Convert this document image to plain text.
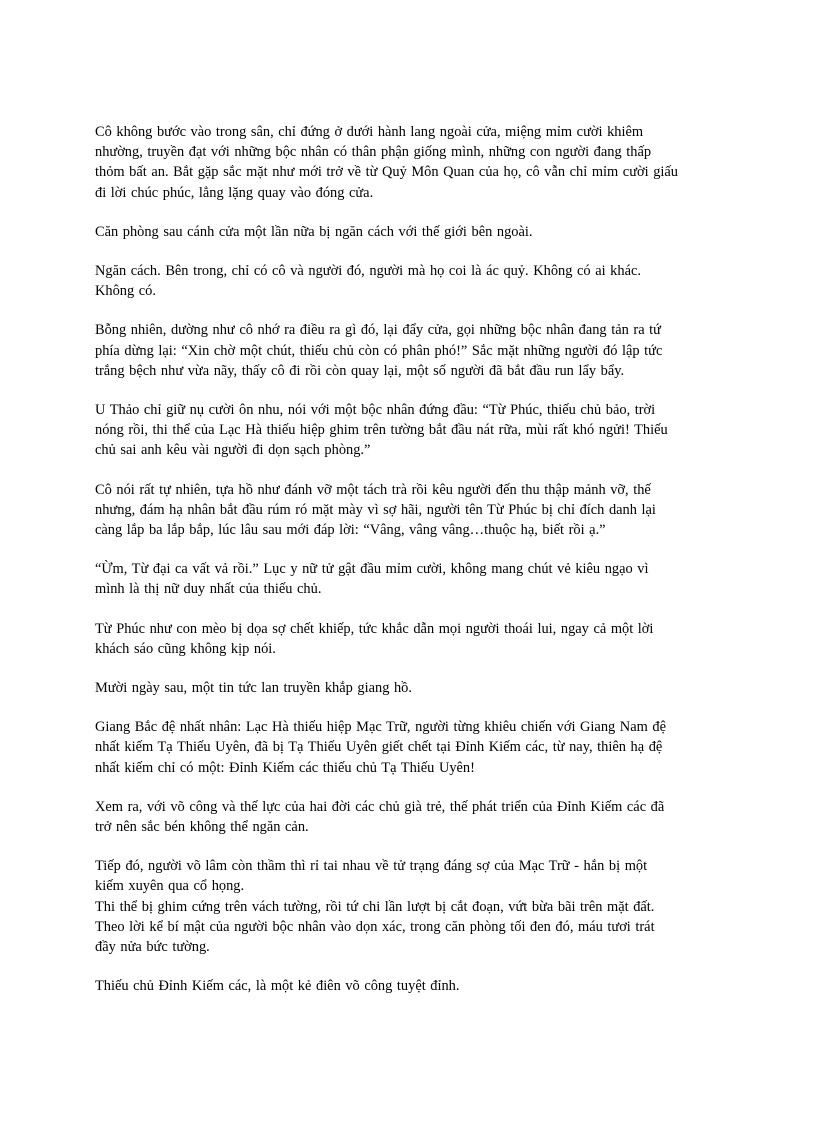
Cô không bước vào trong sân, chỉ đứng ở dưới hành lang ngoài cửa, miệng mỉm cười khiêm
nhường, truyền đạt với những bộc nhân có thân phận giống mình, những con người đang thấp
thỏm bất an. Bắt gặp sắc mặt như mới trở về từ Quỷ Môn Quan của họ, cô vẫn chỉ mỉm cười giấu
đi lời chúc phúc, lẳng lặng quay vào đóng cửa.

Căn phòng sau cánh cửa một lần nữa bị ngăn cách với thế giới bên ngoài.

Ngăn cách. Bên trong, chỉ có cô và người đó, người mà họ coi là ác quỷ. Không có ai khác.
Không có.

Bỗng nhiên, dường như cô nhớ ra điều ra gì đó, lại đẩy cửa, gọi những bộc nhân đang tản ra tứ
phía dừng lại: “Xin chờ một chút, thiếu chủ còn có phân phó!” Sắc mặt những người đó lập tức
trắng bệch như vừa nãy, thấy cô đi rồi còn quay lại, một số người đã bắt đầu run lẩy bẩy.

U Thảo chỉ giữ nụ cười ôn nhu, nói với một bộc nhân đứng đầu: “Từ Phúc, thiếu chủ bảo, trời
nóng rồi, thi thể của Lạc Hà thiếu hiệp ghim trên tường bắt đầu nát rữa, mùi rất khó ngửi! Thiếu
chủ sai anh kêu vài người đi dọn sạch phòng.”

Cô nói rất tự nhiên, tựa hồ như đánh vỡ một tách trà rồi kêu người đến thu thập mảnh vỡ, thế
nhưng, đám hạ nhân bắt đầu rúm ró mặt mày vì sợ hãi, người tên Từ Phúc bị chỉ đích danh lại
càng lắp ba lắp bắp, lúc lâu sau mới đáp lời: “Vâng, vâng vâng…thuộc hạ, biết rồi ạ.”

“Ừm, Từ đại ca vất vả rồi.” Lục y nữ tử gật đầu mỉm cười, không mang chút vẻ kiêu ngạo vì
mình là thị nữ duy nhất của thiếu chủ.

Từ Phúc như con mèo bị dọa sợ chết khiếp, tức khắc dẫn mọi người thoái lui, ngay cả một lời
khách sáo cũng không kịp nói.

Mười ngày sau, một tin tức lan truyền khắp giang hồ.

Giang Bắc đệ nhất nhân: Lạc Hà thiếu hiệp Mạc Trữ, người từng khiêu chiến với Giang Nam đệ
nhất kiếm Tạ Thiếu Uyên, đã bị Tạ Thiếu Uyên giết chết tại Đỉnh Kiếm các, từ nay, thiên hạ đệ
nhất kiếm chỉ có một: Đỉnh Kiếm các thiếu chủ Tạ Thiếu Uyên!

Xem ra, với võ công và thế lực của hai đời các chủ già trẻ, thế phát triển của Đỉnh Kiếm các đã
trở nên sắc bén không thể ngăn cản.

Tiếp đó, người võ lâm còn thầm thì rỉ tai nhau về tử trạng đáng sợ của Mạc Trữ - hắn bị một
kiếm xuyên qua cổ họng.
Thi thể bị ghim cứng trên vách tường, rồi tứ chi lần lượt bị cắt đoạn, vứt bừa bãi trên mặt đất.
Theo lời kể bí mật của người bộc nhân vào dọn xác, trong căn phòng tối đen đó, máu tươi trát
đầy nửa bức tường.

Thiếu chủ Đỉnh Kiếm các, là một kẻ điên võ công tuyệt đỉnh.
